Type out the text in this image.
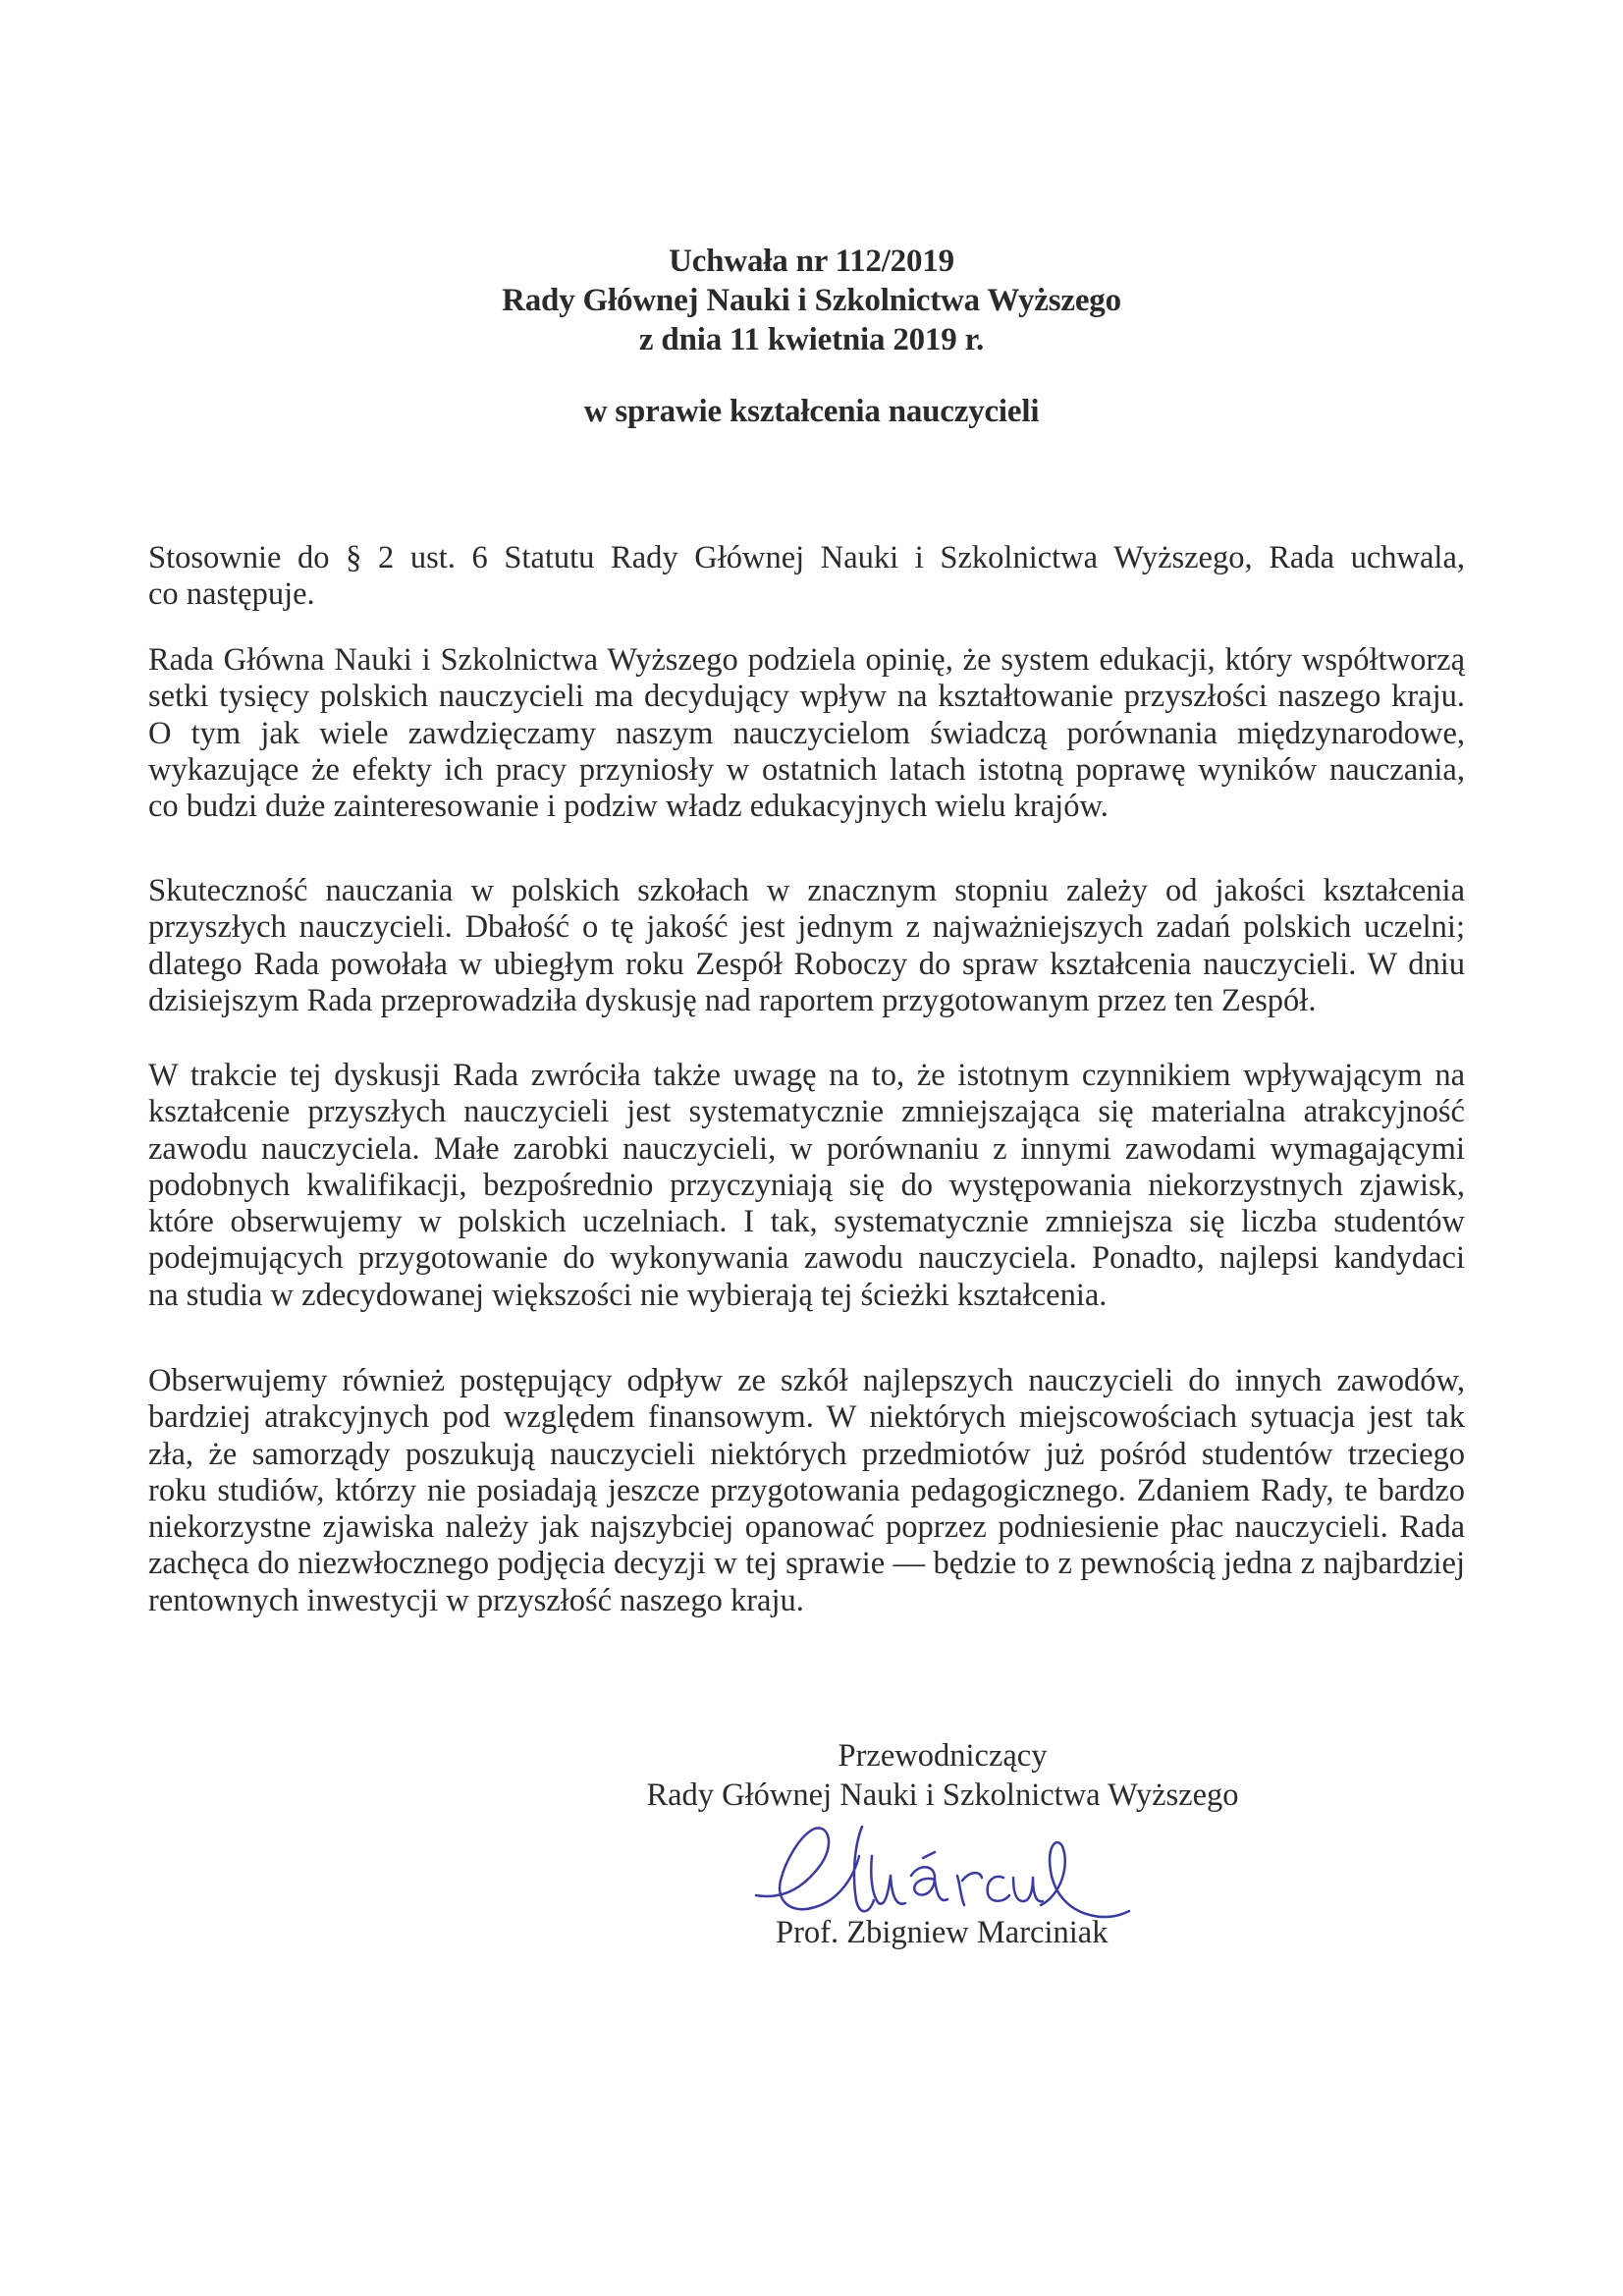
Uchwała nr 112/2019
Rady Głównej Nauki i Szkolnictwa Wyższego
z dnia 11 kwietnia 2019 r.
w sprawie kształcenia nauczycieli
Stosownie do § 2 ust. 6 Statutu Rady Głównej Nauki i Szkolnictwa Wyższego, Rada uchwala,
co następuje.
Rada Główna Nauki i Szkolnictwa Wyższego podziela opinię, że system edukacji, który współtworzą
setki tysięcy polskich nauczycieli ma decydujący wpływ na kształtowanie przyszłości naszego kraju.
O tym jak wiele zawdzięczamy naszym nauczycielom świadczą porównania międzynarodowe,
wykazujące że efekty ich pracy przyniosły w ostatnich latach istotną poprawę wyników nauczania,
co budzi duże zainteresowanie i podziw władz edukacyjnych wielu krajów.
Skuteczność nauczania w polskich szkołach w znacznym stopniu zależy od jakości kształcenia
przyszłych nauczycieli. Dbałość o tę jakość jest jednym z najważniejszych zadań polskich uczelni;
dlatego Rada powołała w ubiegłym roku Zespół Roboczy do spraw kształcenia nauczycieli. W dniu
dzisiejszym Rada przeprowadziła dyskusję nad raportem przygotowanym przez ten Zespół.
W trakcie tej dyskusji Rada zwróciła także uwagę na to, że istotnym czynnikiem wpływającym na
kształcenie przyszłych nauczycieli jest systematycznie zmniejszająca się materialna atrakcyjność
zawodu nauczyciela. Małe zarobki nauczycieli, w porównaniu z innymi zawodami wymagającymi
podobnych kwalifikacji, bezpośrednio przyczyniają się do występowania niekorzystnych zjawisk,
które obserwujemy w polskich uczelniach. I tak, systematycznie zmniejsza się liczba studentów
podejmujących przygotowanie do wykonywania zawodu nauczyciela. Ponadto, najlepsi kandydaci
na studia w zdecydowanej większości nie wybierają tej ścieżki kształcenia.
Obserwujemy również postępujący odpływ ze szkół najlepszych nauczycieli do innych zawodów,
bardziej atrakcyjnych pod względem finansowym. W niektórych miejscowościach sytuacja jest tak
zła, że samorządy poszukują nauczycieli niektórych przedmiotów już pośród studentów trzeciego
roku studiów, którzy nie posiadają jeszcze przygotowania pedagogicznego. Zdaniem Rady, te bardzo
niekorzystne zjawiska należy jak najszybciej opanować poprzez podniesienie płac nauczycieli. Rada
zachęca do niezwłocznego podjęcia decyzji w tej sprawie — będzie to z pewnością jedna z najbardziej
rentownych inwestycji w przyszłość naszego kraju.
Przewodniczący
Rady Głównej Nauki i Szkolnictwa Wyższego
Prof. Zbigniew Marciniak
